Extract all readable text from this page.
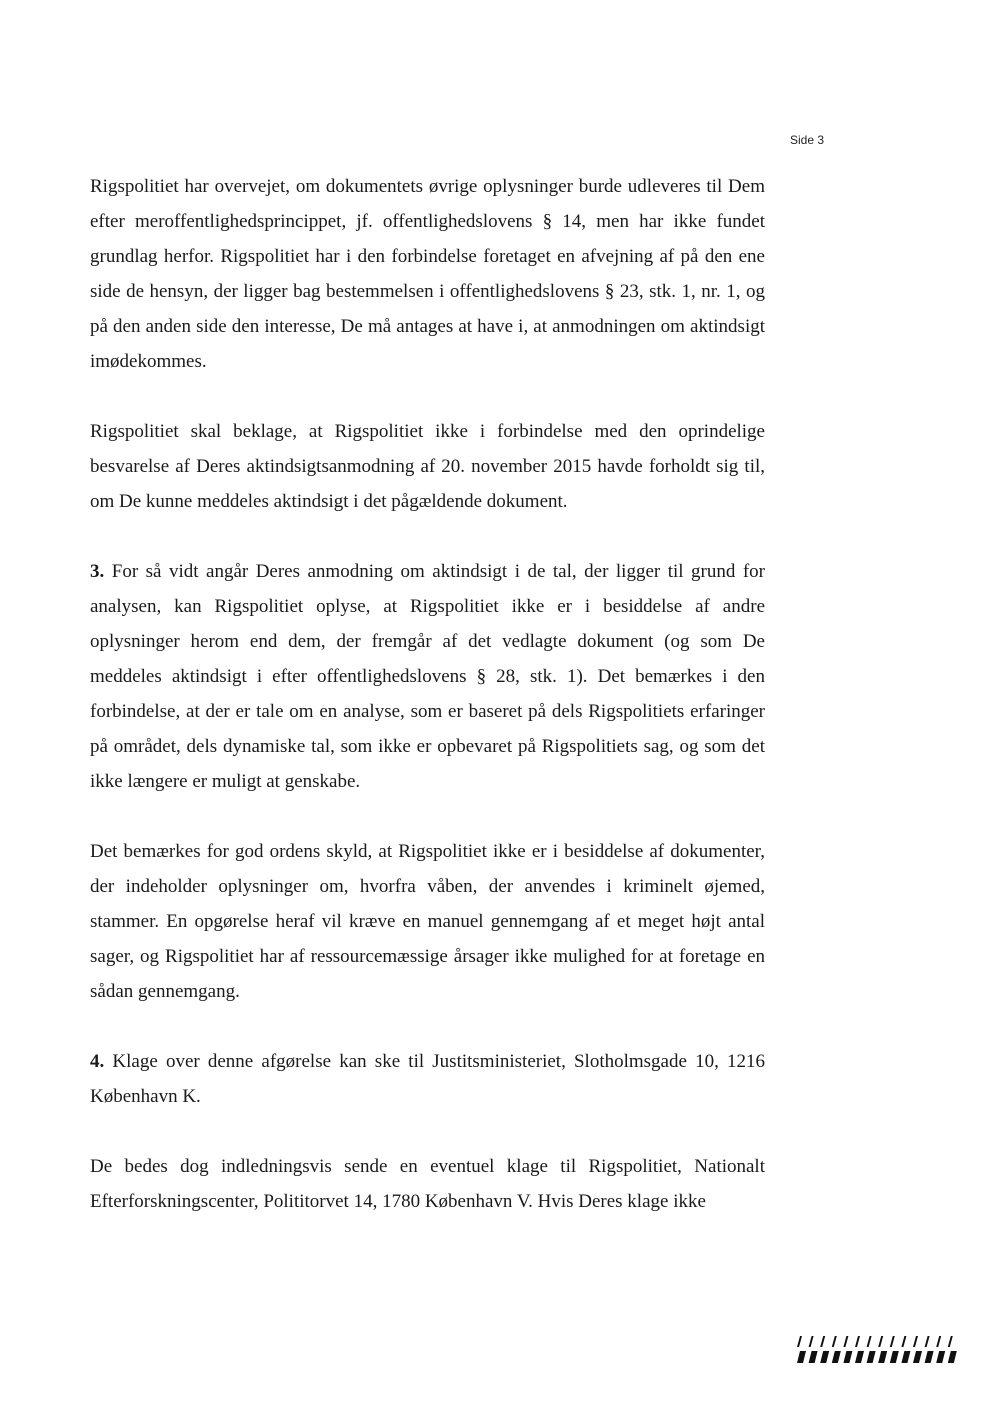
Side 3

Rigspolitiet har overvejet, om dokumentets øvrige oplysninger burde udleveres til Dem efter meroffentlighedsprincippet, jf. offentlighedslovens § 14, men har ikke fundet grundlag herfor. Rigspolitiet har i den forbindelse foretaget en afvejning af på den ene side de hensyn, der ligger bag bestemmelsen i offentlighedslovens § 23, stk. 1, nr. 1, og på den anden side den interesse, De må antages at have i, at anmodningen om aktindsigt imødekommes.

Rigspolitiet skal beklage, at Rigspolitiet ikke i forbindelse med den oprindelige besvarelse af Deres aktindsigtsanmodning af 20. november 2015 havde forholdt sig til, om De kunne meddeles aktindsigt i det pågældende dokument.

3. For så vidt angår Deres anmodning om aktindsigt i de tal, der ligger til grund for analysen, kan Rigspolitiet oplyse, at Rigspolitiet ikke er i besiddelse af andre oplysninger herom end dem, der fremgår af det vedlagte dokument (og som De meddeles aktindsigt i efter offentlighedslovens § 28, stk. 1). Det bemærkes i den forbindelse, at der er tale om en analyse, som er baseret på dels Rigspolitiets erfaringer på området, dels dynamiske tal, som ikke er opbevaret på Rigspolitiets sag, og som det ikke længere er muligt at genskabe.

Det bemærkes for god ordens skyld, at Rigspolitiet ikke er i besiddelse af dokumenter, der indeholder oplysninger om, hvorfra våben, der anvendes i kriminelt øjemed, stammer. En opgørelse heraf vil kræve en manuel gennemgang af et meget højt antal sager, og Rigspolitiet har af ressourcemæssige årsager ikke mulighed for at foretage en sådan gennemgang.

4. Klage over denne afgørelse kan ske til Justitsministeriet, Slotholmsgade 10, 1216 København K.

De bedes dog indledningsvis sende en eventuel klage til Rigspolitiet, Nationalt Efterforskningscenter, Polititorvet 14, 1780 København V. Hvis Deres klage ikke
